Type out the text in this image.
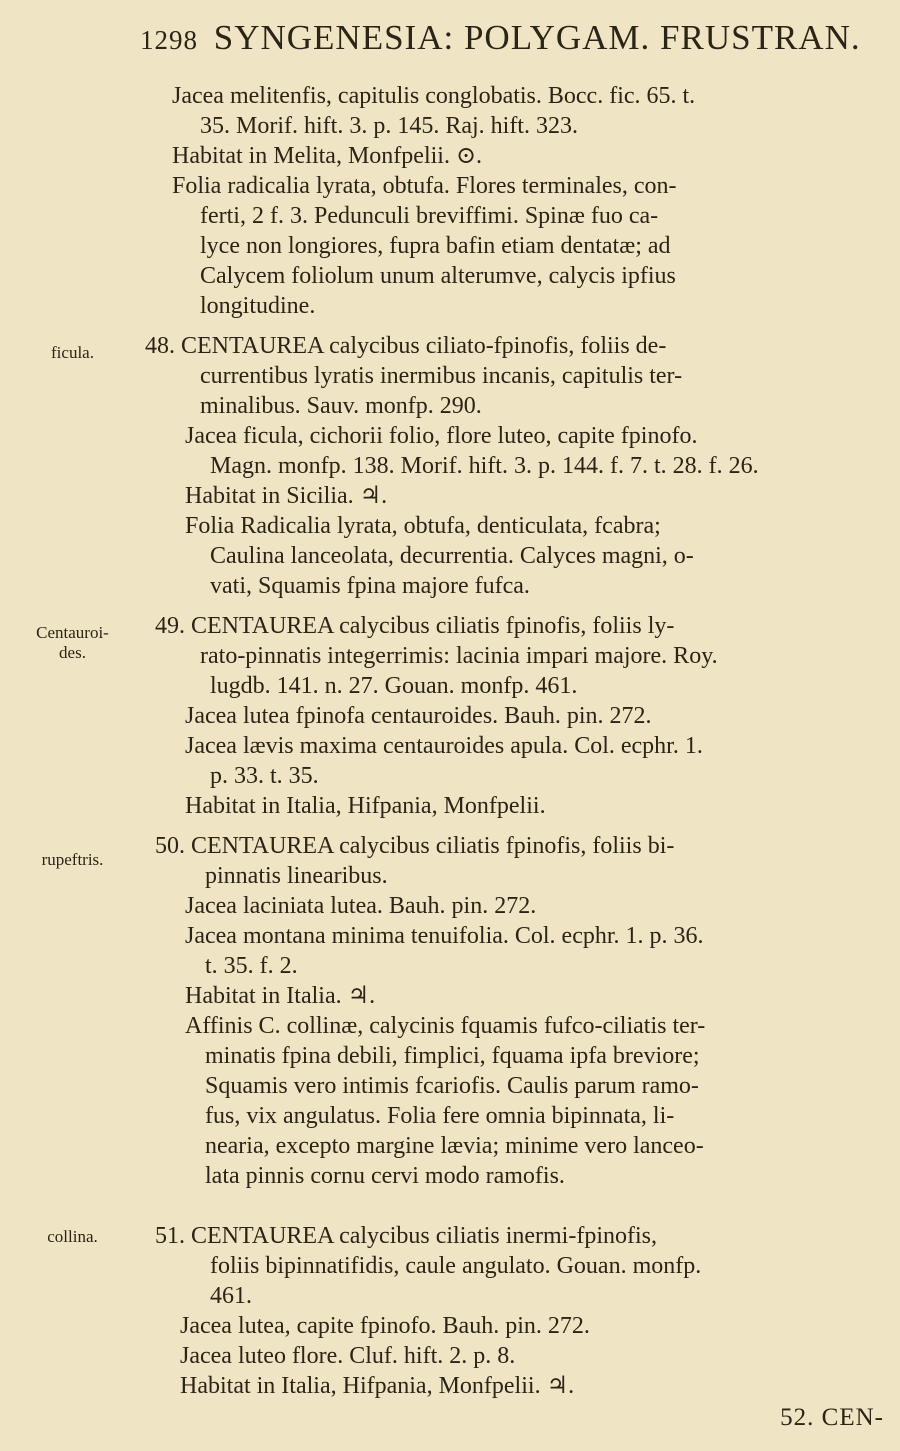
1298 SYNGENESIA: POLYGAM. FRUSTRAN.
ficula.
Centauroi-
des.
rupeftris.
collina.
Jacea melitenfis, capitulis conglobatis. Bocc. fic. 65. t.
35. Morif. hift. 3. p. 145. Raj. hift. 323.
Habitat in Melita, Monfpelii. ⊙.
Folia radicalia lyrata, obtufa. Flores terminales, con-
ferti, 2 f. 3. Pedunculi breviffimi. Spinæ fuo ca-
lyce non longiores, fupra bafin etiam dentatæ; ad
Calycem foliolum unum alterumve, calycis ipfius
longitudine.
48. CENTAUREA calycibus ciliato-fpinofis, foliis de-
currentibus lyratis inermibus incanis, capitulis ter-
minalibus. Sauv. monfp. 290.
Jacea ficula, cichorii folio, flore luteo, capite fpinofo.
Magn. monfp. 138. Morif. hift. 3. p. 144. f. 7. t. 28. f. 26.
Habitat in Sicilia. ♃.
Folia Radicalia lyrata, obtufa, denticulata, fcabra;
Caulina lanceolata, decurrentia. Calyces magni, o-
vati, Squamis fpina majore fufca.
49. CENTAUREA calycibus ciliatis fpinofis, foliis ly-
rato-pinnatis integerrimis: lacinia impari majore. Roy.
lugdb. 141. n. 27. Gouan. monfp. 461.
Jacea lutea fpinofa centauroides. Bauh. pin. 272.
Jacea lævis maxima centauroides apula. Col. ecphr. 1.
p. 33. t. 35.
Habitat in Italia, Hifpania, Monfpelii.
50. CENTAUREA calycibus ciliatis fpinofis, foliis bi-
pinnatis linearibus.
Jacea laciniata lutea. Bauh. pin. 272.
Jacea montana minima tenuifolia. Col. ecphr. 1. p. 36.
t. 35. f. 2.
Habitat in Italia. ♃.
Affinis C. collinæ, calycinis fquamis fufco-ciliatis ter-
minatis fpina debili, fimplici, fquama ipfa breviore;
Squamis vero intimis fcariofis. Caulis parum ramo-
fus, vix angulatus. Folia fere omnia bipinnata, li-
nearia, excepto margine lævia; minime vero lanceo-
lata pinnis cornu cervi modo ramofis.
51. CENTAUREA calycibus ciliatis inermi-fpinofis,
foliis bipinnatifidis, caule angulato. Gouan. monfp.
461.
Jacea lutea, capite fpinofo. Bauh. pin. 272.
Jacea luteo flore. Cluf. hift. 2. p. 8.
Habitat in Italia, Hifpania, Monfpelii. ♃.
52. CEN-
